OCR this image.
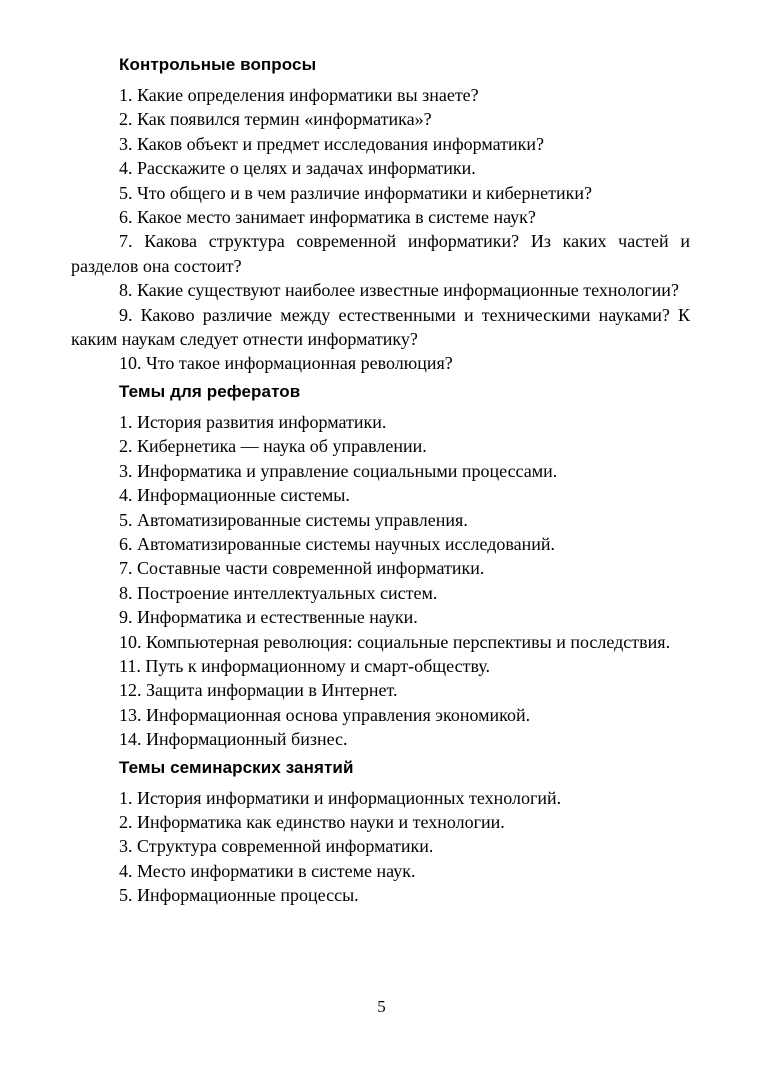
Контрольные вопросы
1. Какие определения информатики вы знаете?
2. Как появился термин «информатика»?
3. Каков объект и предмет исследования информатики?
4. Расскажите о целях и задачах информатики.
5. Что общего и в чем различие информатики и кибернетики?
6. Какое место занимает информатика в системе наук?
7. Какова структура современной информатики? Из каких частей и разделов она состоит?
8. Какие существуют наиболее известные информационные технологии?
9. Каково различие между естественными и техническими науками? К каким наукам следует отнести информатику?
10. Что такое информационная революция?
Темы для рефератов
1. История развития информатики.
2. Кибернетика — наука об управлении.
3. Информатика и управление социальными процессами.
4. Информационные системы.
5. Автоматизированные системы управления.
6. Автоматизированные системы научных исследований.
7. Составные части современной информатики.
8. Построение интеллектуальных систем.
9. Информатика и естественные науки.
10. Компьютерная революция: социальные перспективы и последствия.
11. Путь к информационному и смарт-обществу.
12. Защита информации в Интернет.
13. Информационная основа управления экономикой.
14. Информационный бизнес.
Темы семинарских занятий
1. История информатики и информационных технологий.
2. Информатика как единство науки и технологии.
3. Структура современной информатики.
4. Место информатики в системе наук.
5. Информационные процессы.
5
